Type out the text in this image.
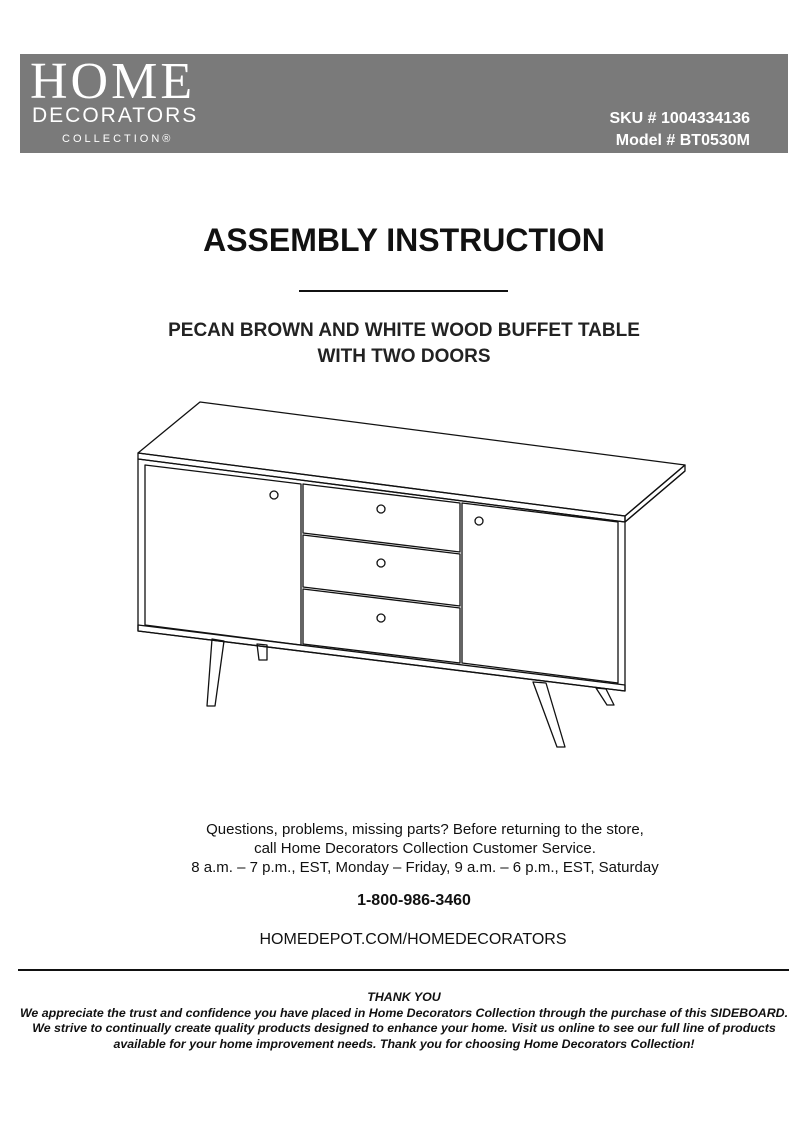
HOME
DECORATORS
COLLECTION®
SKU # 1004334136
Model # BT0530M
ASSEMBLY INSTRUCTION
PECAN BROWN AND WHITE WOOD BUFFET TABLE
WITH TWO DOORS
Questions, problems, missing parts? Before returning to the store,
call Home Decorators Collection Customer Service.
8 a.m. – 7 p.m., EST, Monday – Friday, 9 a.m. – 6 p.m., EST, Saturday
1-800-986-3460
HOMEDEPOT.COM/HOMEDECORATORS
THANK YOU
We appreciate the trust and confidence you have placed in Home Decorators Collection through the purchase of this SIDEBOARD.
We strive to continually create quality products designed to enhance your home. Visit us online to see our full line of products
available for your home improvement needs. Thank you for choosing Home Decorators Collection!
